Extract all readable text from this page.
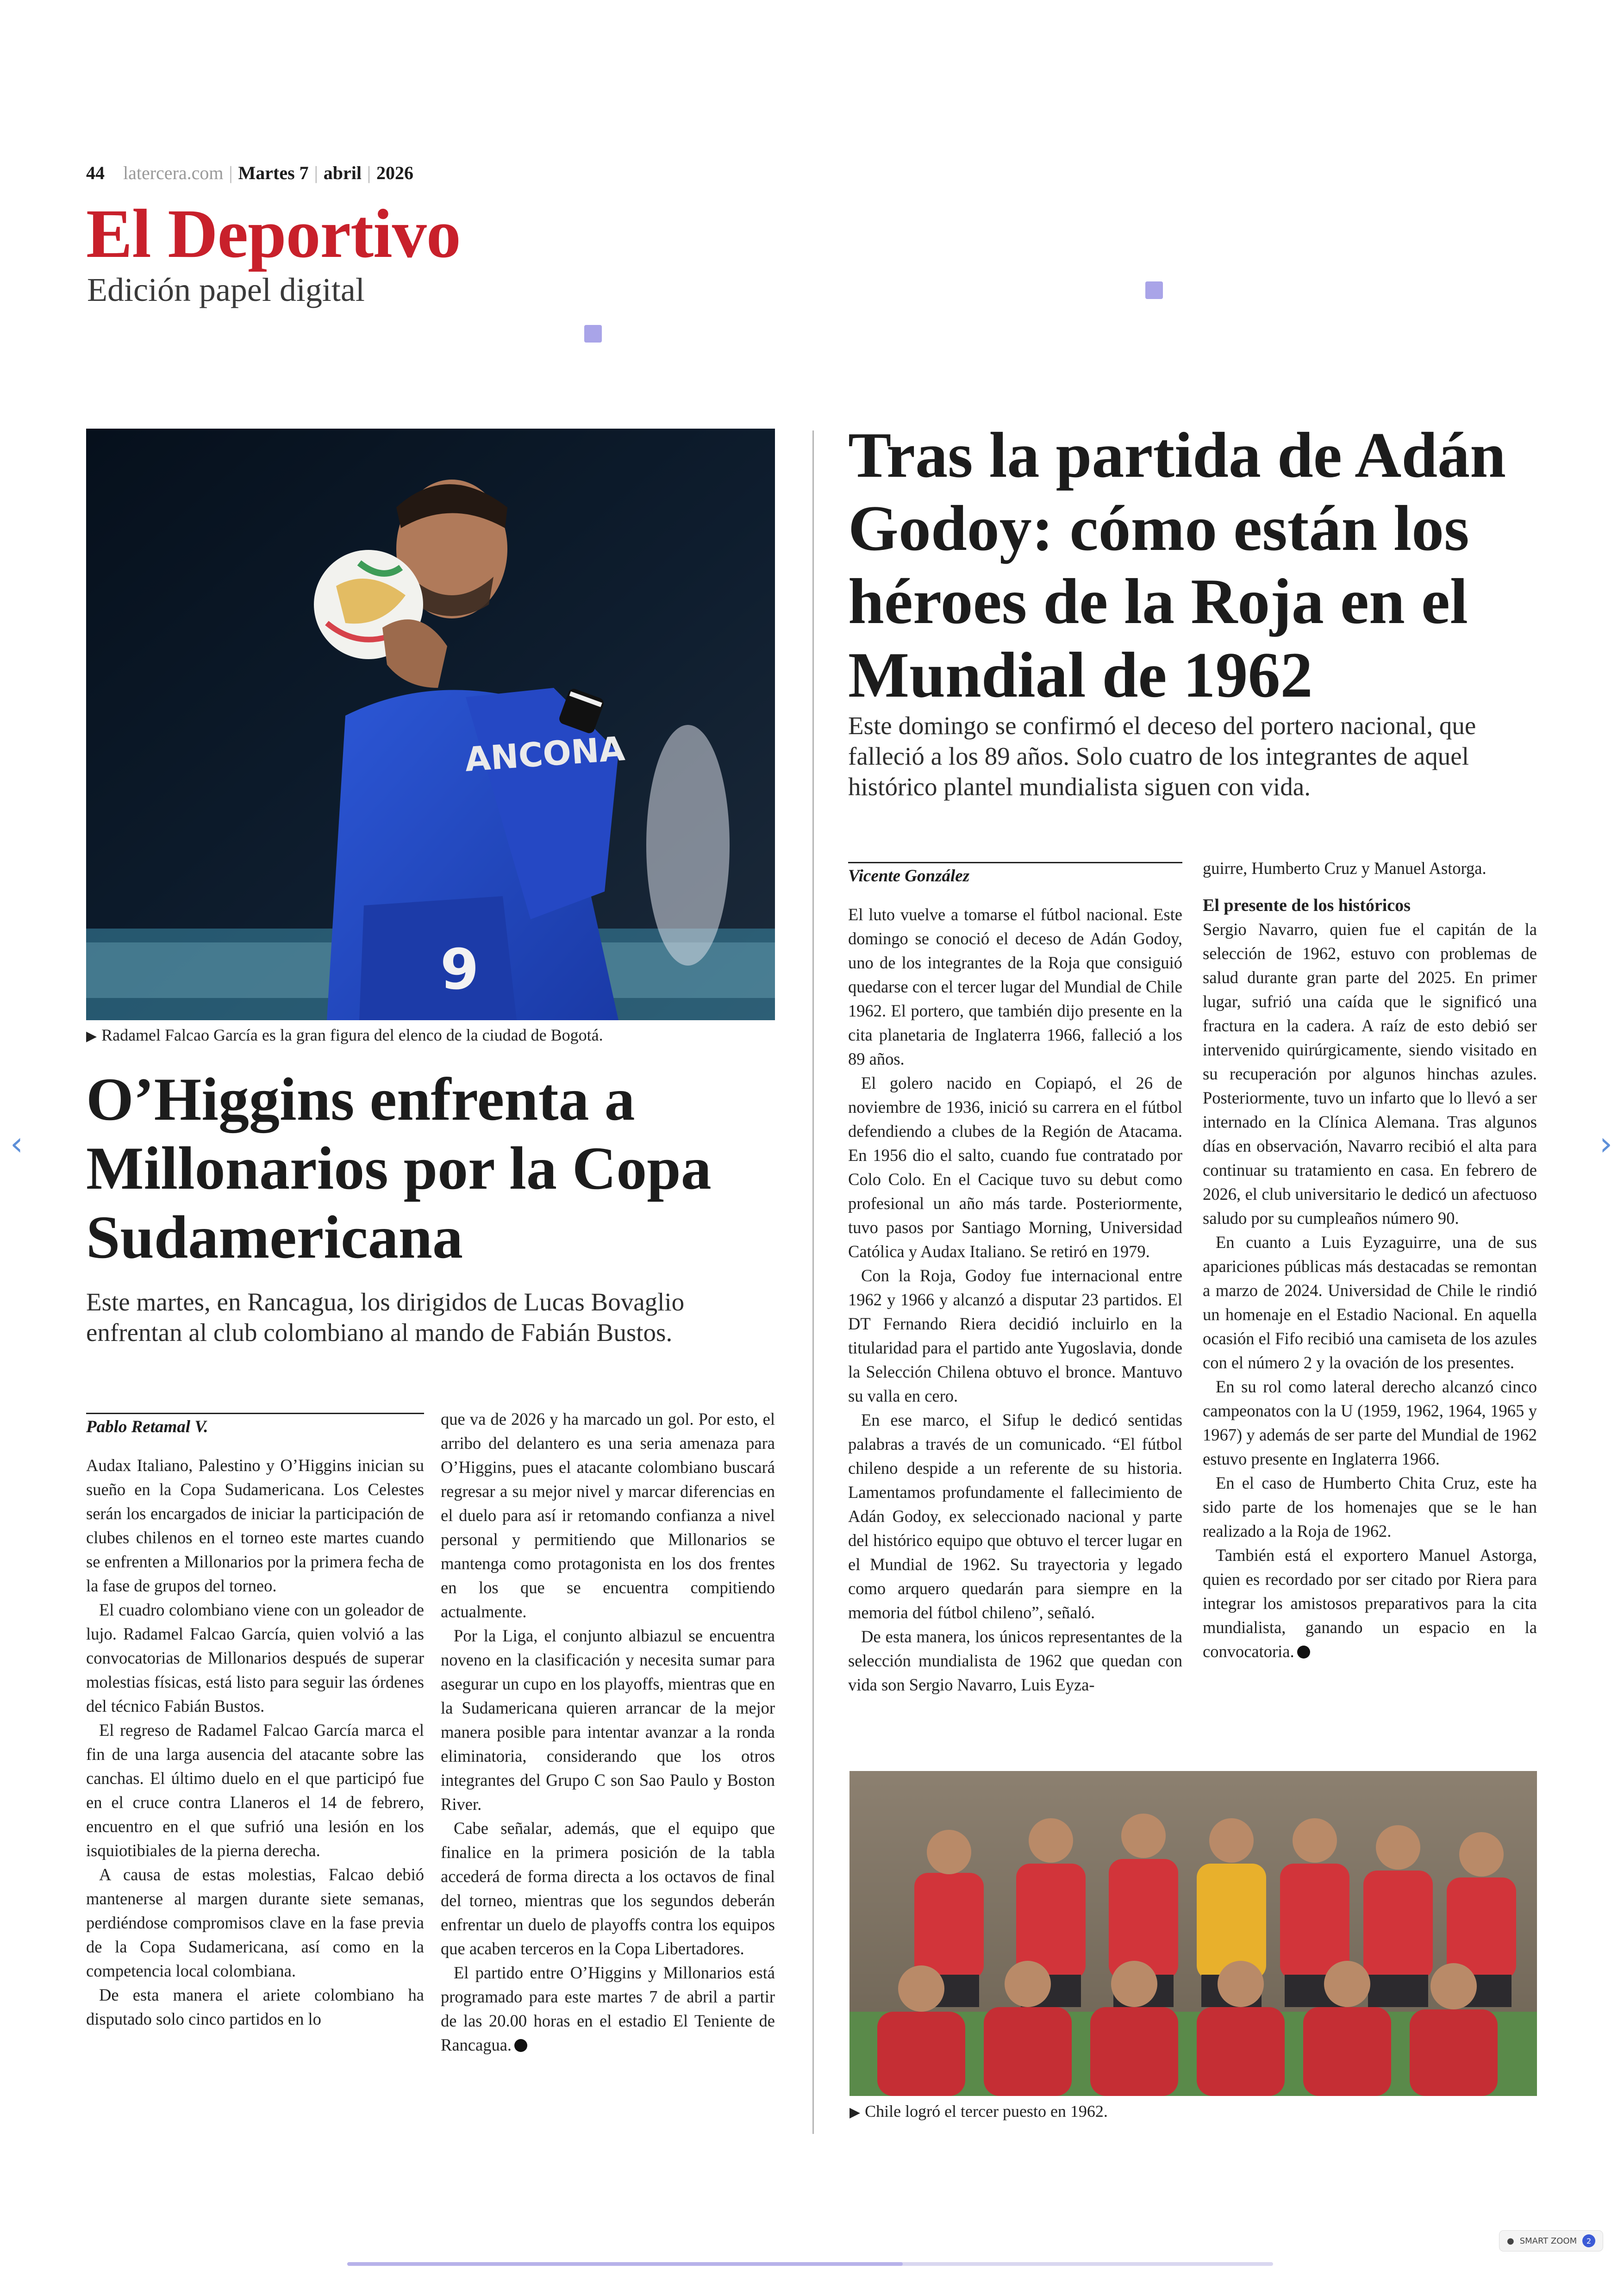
44 latercera.com | Martes 7 | abril | 2026
El Deportivo
Edición papel digital
9
ANCONA
▶ Radamel Falcao García es la gran figura del elenco de la ciudad de Bogotá.
O’Higgins enfrenta a Millonarios por la Copa Sudamericana

Este martes, en Rancagua, los dirigidos de Lucas Bovaglio enfrentan al club colombiano al mando de Fabián Bustos.

Pablo Retamal V.

Audax Italiano, Palestino y O’Higgins inician su sueño en la Copa Sudamericana. Los Celestes serán los encargados de iniciar la participación de clubes chilenos en el torneo este martes cuando se enfrenten a Millonarios por la primera fecha de la fase de grupos del torneo.

El cuadro colombiano viene con un goleador de lujo. Radamel Falcao García, quien volvió a las convocatorias de Millonarios después de superar molestias físicas, está listo para seguir las órdenes del técnico Fabián Bustos.

El regreso de Radamel Falcao García marca el fin de una larga ausencia del atacante sobre las canchas. El último duelo en el que participó fue en el cruce contra Llaneros el 14 de febrero, encuentro en el que sufrió una lesión en los isquiotibiales de la pierna derecha.

A causa de estas molestias, Falcao debió mantenerse al margen durante siete semanas, perdiéndose compromisos clave en la fase previa de la Copa Sudamericana, así como en la competencia local colombiana.

De esta manera el ariete colombiano ha disputado solo cinco partidos en lo

que va de 2026 y ha marcado un gol. Por esto, el arribo del delantero es una seria amenaza para O’Higgins, pues el atacante colombiano buscará regresar a su mejor nivel y marcar diferencias en el duelo para así ir retomando confianza a nivel personal y permitiendo que Millonarios se mantenga como protagonista en los dos frentes en los que se encuentra compitiendo actualmente.

Por la Liga, el conjunto albiazul se encuentra noveno en la clasificación y necesita sumar para asegurar un cupo en los playoffs, mientras que en la Sudamericana quieren arrancar de la mejor manera posible para intentar avanzar a la ronda eliminatoria, considerando que los otros integrantes del Grupo C son Sao Paulo y Boston River.

Cabe señalar, además, que el equipo que finalice en la primera posición de la tabla accederá de forma directa a los octavos de final del torneo, mientras que los segundos deberán enfrentar un duelo de playoffs contra los equipos que acaben terceros en la Copa Libertadores.

El partido entre O’Higgins y Millonarios está programado para este martes 7 de abril a partir de las 20.00 horas en el estadio El Teniente de Rancagua.

Tras la partida de Adán Godoy: cómo están los héroes de la Roja en el Mundial de 1962

Este domingo se confirmó el deceso del portero nacional, que falleció a los 89 años. Solo cuatro de los integrantes de aquel histórico plantel mundialista siguen con vida.

Vicente González

El luto vuelve a tomarse el fútbol nacional. Este domingo se conoció el deceso de Adán Godoy, uno de los integrantes de la Roja que consiguió quedarse con el tercer lugar del Mundial de Chile 1962. El portero, que también dijo presente en la cita planetaria de Inglaterra 1966, falleció a los 89 años.

El golero nacido en Copiapó, el 26 de noviembre de 1936, inició su carrera en el fútbol defendiendo a clubes de la Región de Atacama. En 1956 dio el salto, cuando fue contratado por Colo Colo. En el Cacique tuvo su debut como profesional un año más tarde. Posteriormente, tuvo pasos por Santiago Morning, Universidad Católica y Audax Italiano. Se retiró en 1979.

Con la Roja, Godoy fue internacional entre 1962 y 1966 y alcanzó a disputar 23 partidos. El DT Fernando Riera decidió incluirlo en la titularidad para el partido ante Yugoslavia, donde la Selección Chilena obtuvo el bronce. Mantuvo su valla en cero.

En ese marco, el Sifup le dedicó sentidas palabras a través de un comunicado. “El fútbol chileno despide a un referente de su historia. Lamentamos profundamente el fallecimiento de Adán Godoy, ex seleccionado nacional y parte del histórico equipo que obtuvo el tercer lugar en el Mundial de 1962. Su trayectoria y legado como arquero quedarán para siempre en la memoria del fútbol chileno”, señaló.

De esta manera, los únicos representantes de la selección mundialista de 1962 que quedan con vida son Sergio Navarro, Luis Eyza-

guirre, Humberto Cruz y Manuel Astorga.

El presente de los históricos

Sergio Navarro, quien fue el capitán de la selección de 1962, estuvo con problemas de salud durante gran parte del 2025. En primer lugar, sufrió una caída que le significó una fractura en la cadera. A raíz de esto debió ser intervenido quirúrgicamente, siendo visitado en su recuperación por algunos hinchas azules. Posteriormente, tuvo un infarto que lo llevó a ser internado en la Clínica Alemana. Tras algunos días en observación, Navarro recibió el alta para continuar su tratamiento en casa. En febrero de 2026, el club universitario le dedicó un afectuoso saludo por su cumpleaños número 90.

En cuanto a Luis Eyzaguirre, una de sus apariciones públicas más destacadas se remontan a marzo de 2024. Universidad de Chile le rindió un homenaje en el Estadio Nacional. En aquella ocasión el Fifo recibió una camiseta de los azules con el número 2 y la ovación de los presentes.

En su rol como lateral derecho alcanzó cinco campeonatos con la U (1959, 1962, 1964, 1965 y 1967) y además de ser parte del Mundial de 1962 estuvo presente en Inglaterra 1966.

En el caso de Humberto Chita Cruz, este ha sido parte de los homenajes que se le han realizado a la Roja de 1962.

También está el exportero Manuel Astorga, quien es recordado por ser citado por Riera para integrar los amistosos preparativos para la cita mundialista, ganando un espacio en la convocatoria.

▶ Chile logró el tercer puesto en 1962.
‹	›
● SMART ZOOM	2
